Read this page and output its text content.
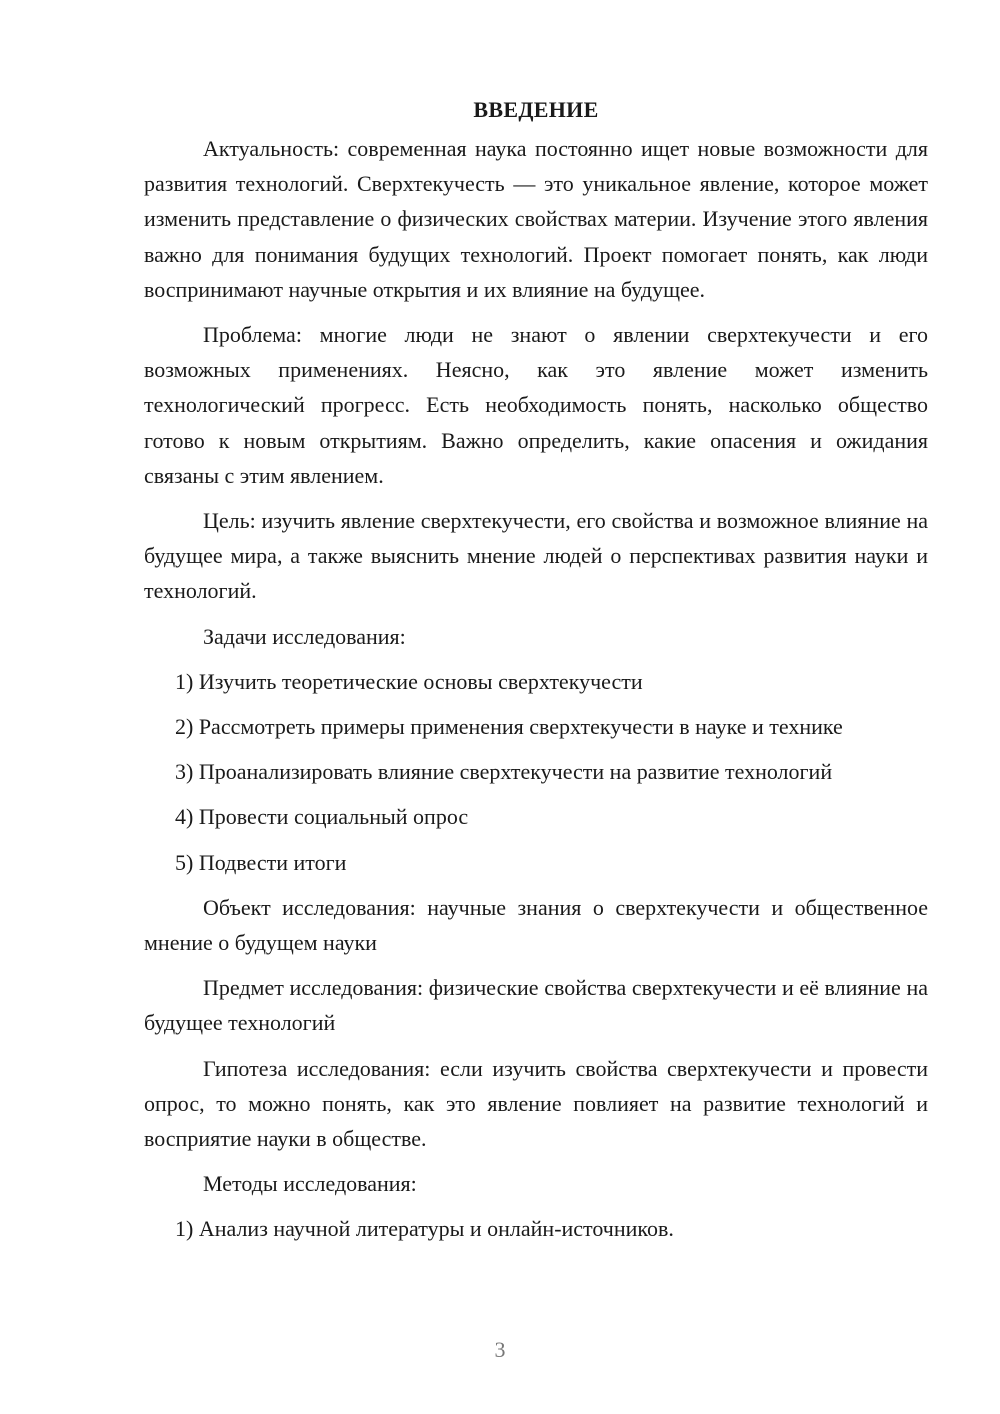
ВВЕДЕНИЕ

Актуальность: современная наука постоянно ищет новые возможности для развития технологий. Сверхтекучесть — это уникальное явление, которое может изменить представление о физических свойствах материи. Изучение этого явления важно для понимания будущих технологий. Проект помогает понять, как люди воспринимают научные открытия и их влияние на будущее.

Проблема: многие люди не знают о явлении сверхтекучести и его возможных применениях. Неясно, как это явление может изменить технологический прогресс. Есть необходимость понять, насколько общество готово к новым открытиям. Важно определить, какие опасения и ожидания связаны с этим явлением.

Цель: изучить явление сверхтекучести, его свойства и возможное влияние на будущее мира, а также выяснить мнение людей о перспективах развития науки и технологий.

Задачи исследования:

1) Изучить теоретические основы сверхтекучести

2) Рассмотреть примеры применения сверхтекучести в науке и технике

3) Проанализировать влияние сверхтекучести на развитие технологий

4) Провести социальный опрос

5) Подвести итоги

Объект исследования: научные знания о сверхтекучести и общественное мнение о будущем науки

Предмет исследования: физические свойства сверхтекучести и её влияние на будущее технологий

Гипотеза исследования: если изучить свойства сверхтекучести и провести опрос, то можно понять, как это явление повлияет на развитие технологий и восприятие науки в обществе.

Методы исследования:

1) Анализ научной литературы и онлайн-источников.

3
